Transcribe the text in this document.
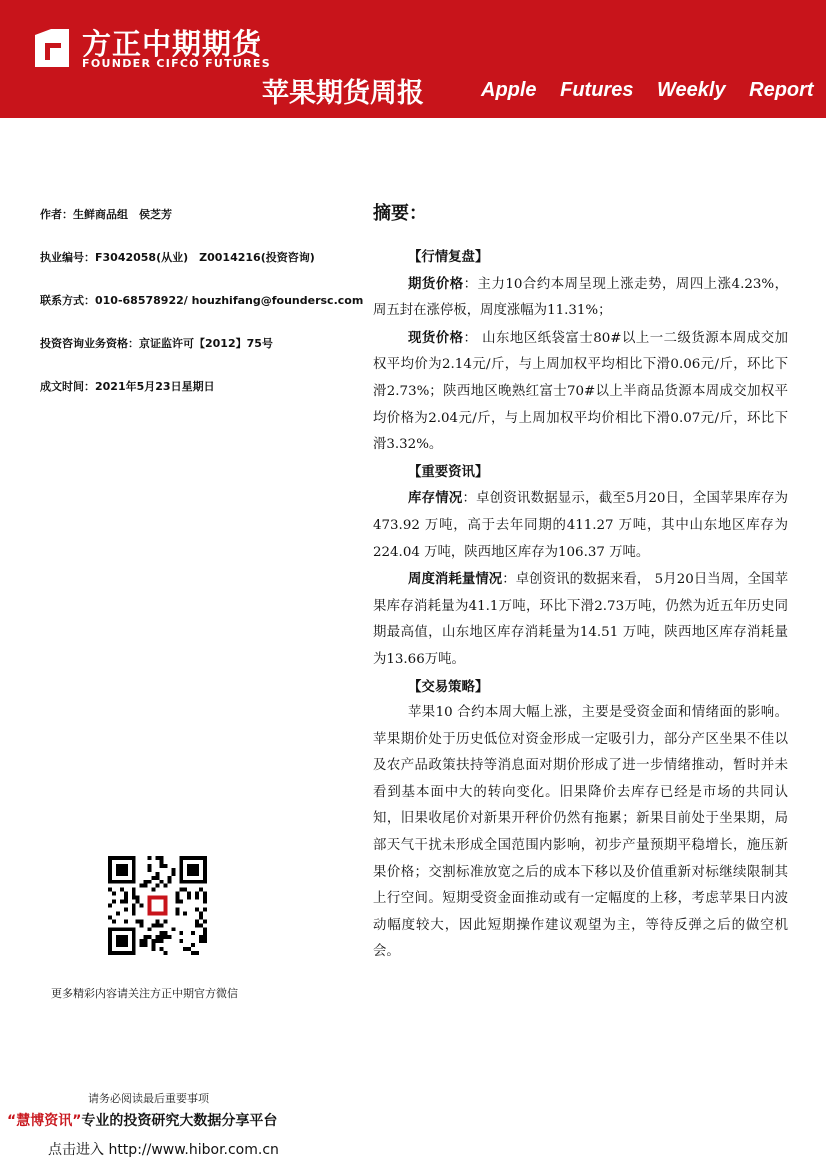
方正中期期货
FOUNDER CIFCO FUTURES
苹果期货周报	Apple Futures Weekly Report
作者：生鲜商品组　侯芝芳
执业编号：F3042058(从业)　Z0014216(投资咨询)
联系方式：010-68578922/ houzhifang@foundersc.com
投资咨询业务资格：京证监许可【2012】75号
成文时间：2021年5月23日星期日
更多精彩内容请关注方正中期官方微信
摘要：

【行情复盘】

期货价格：主力10合约本周呈现上涨走势，周四上涨4.23%，周五封在涨停板，周度涨幅为11.31%；

现货价格： 山东地区纸袋富士80#以上一二级货源本周成交加权平均价为2.14元/斤，与上周加权平均相比下滑0.06元/斤，环比下滑2.73%；陕西地区晚熟红富士70#以上半商品货源本周成交加权平均价格为2.04元/斤，与上周加权平均价相比下滑0.07元/斤，环比下滑3.32%。

【重要资讯】

库存情况：卓创资讯数据显示，截至5月20日，全国苹果库存为473.92 万吨，高于去年同期的411.27 万吨，其中山东地区库存为224.04 万吨，陕西地区库存为106.37 万吨。

周度消耗量情况：卓创资讯的数据来看， 5月20日当周，全国苹果库存消耗量为41.1万吨，环比下滑2.73万吨，仍然为近五年历史同期最高值，山东地区库存消耗量为14.51 万吨，陕西地区库存消耗量为13.66万吨。

【交易策略】

苹果10 合约本周大幅上涨，主要是受资金面和情绪面的影响。苹果期价处于历史低位对资金形成一定吸引力，部分产区坐果不佳以及农产品政策扶持等消息面对期价形成了进一步情绪推动，暂时并未看到基本面中大的转向变化。旧果降价去库存已经是市场的共同认知，旧果收尾价对新果开秤价仍然有拖累；新果目前处于坐果期，局部天气干扰未形成全国范围内影响，初步产量预期平稳增长，施压新果价格；交割标准放宽之后的成本下移以及价值重新对标继续限制其上行空间。短期受资金面推动或有一定幅度的上移，考虑苹果日内波动幅度较大，因此短期操作建议观望为主，等待反弹之后的做空机会。

请务必阅读最后重要事项
“慧博资讯”专业的投资研究大数据分享平台
点击进入 http://www.hibor.com.cn
